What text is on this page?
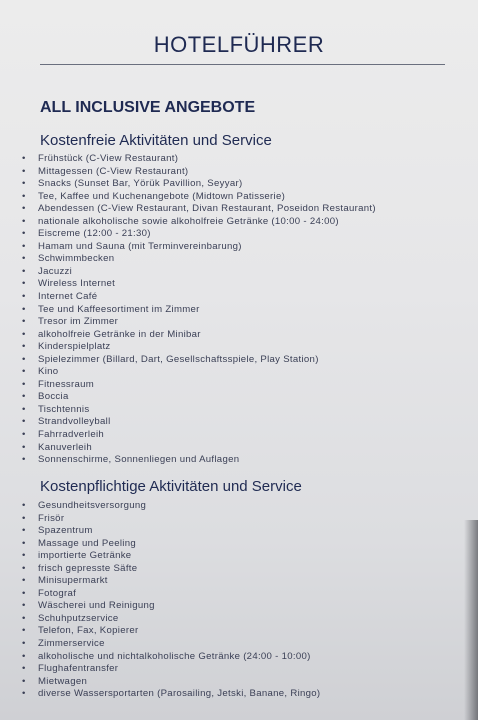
HOTELFÜHRER
ALL INCLUSIVE ANGEBOTE
Kostenfreie Aktivitäten und Service
• Frühstück (C-View Restaurant)
• Mittagessen (C-View Restaurant)
• Snacks (Sunset Bar, Yörük Pavillion, Seyyar)
• Tee, Kaffee und Kuchenangebote (Midtown Patisserie)
• Abendessen (C-View Restaurant, Divan Restaurant, Poseidon Restaurant)
• nationale alkoholische sowie alkoholfreie Getränke (10:00 - 24:00)
• Eiscreme (12:00 - 21:30)
• Hamam und Sauna (mit Terminvereinbarung)
• Schwimmbecken
• Jacuzzi
• Wireless Internet
• Internet Café
• Tee und Kaffeesortiment im Zimmer
• Tresor im Zimmer
• alkoholfreie Getränke in der Minibar
• Kinderspielplatz
• Spielezimmer (Billard, Dart, Gesellschaftsspiele, Play Station)
• Kino
• Fitnessraum
• Boccia
• Tischtennis
• Strandvolleyball
• Fahrradverleih
• Kanuverleih
• Sonnenschirme, Sonnenliegen und Auflagen
Kostenpflichtige Aktivitäten und Service
• Gesundheitsversorgung
• Frisör
• Spazentrum
• Massage und Peeling
• importierte Getränke
• frisch gepresste Säfte
• Minisupermarkt
• Fotograf
• Wäscherei und Reinigung
• Schuhputzservice
• Telefon, Fax, Kopierer
• Zimmerservice
• alkoholische und nichtalkoholische Getränke (24:00 - 10:00)
• Flughafentransfer
• Mietwagen
• diverse Wassersportarten (Parosailing, Jetski, Banane, Ringo)
